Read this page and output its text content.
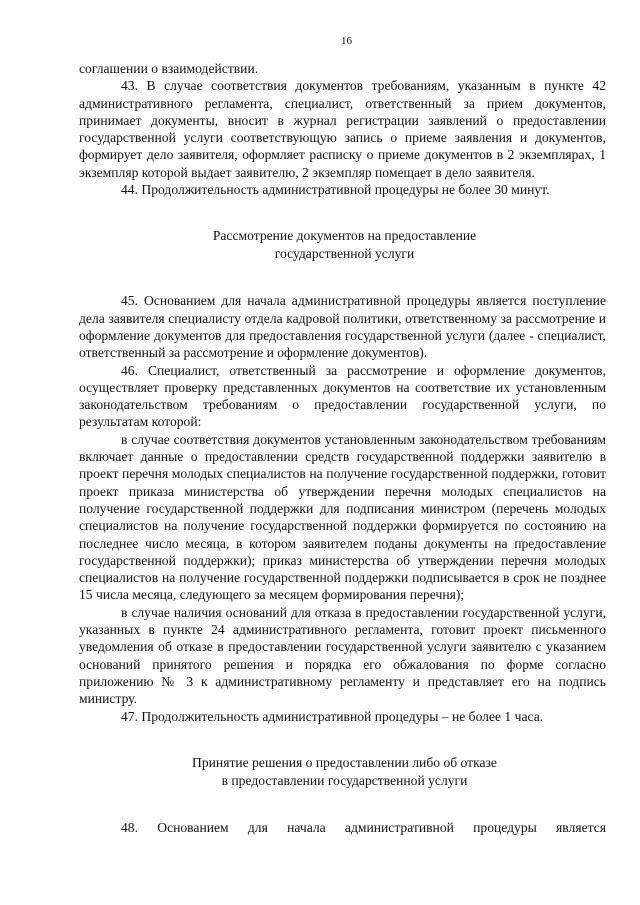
16

соглашении о взаимодействии.

43. В случае соответствия документов требованиям, указанным в пункте 42 административного регламента, специалист, ответственный за прием документов, принимает документы, вносит в журнал регистрации заявлений о предоставлении государственной услуги соответствующую запись о приеме заявления и документов, формирует дело заявителя, оформляет расписку о приеме документов в 2 экземплярах, 1 экземпляр которой выдает заявителю, 2 экземпляр помещает в дело заявителя.

44. Продолжительность административной процедуры не более 30 минут.

Рассмотрение документов на предоставление
государственной услуги

45. Основанием для начала административной процедуры является поступление дела заявителя специалисту отдела кадровой политики, ответственному за рассмотрение и оформление документов для предоставления государственной услуги (далее - специалист, ответственный за рассмотрение и оформление документов).

46. Специалист, ответственный за рассмотрение и оформление документов, осуществляет проверку представленных документов на соответствие их установленным законодательством требованиям о предоставлении государственной услуги, по результатам которой:

в случае соответствия документов установленным законодательством требованиям включает данные о предоставлении средств государственной поддержки заявителю в проект перечня молодых специалистов на получение государственной поддержки, готовит проект приказа министерства об утверждении перечня молодых специалистов на получение государственной поддержки для подписания министром (перечень молодых специалистов на получение государственной поддержки формируется по состоянию на последнее число месяца, в котором заявителем поданы документы на предоставление государственной поддержки); приказ министерства об утверждении перечня молодых специалистов на получение государственной поддержки подписывается в срок не позднее 15 числа месяца, следующего за месяцем формирования перечня);

в случае наличия оснований для отказа в предоставлении государственной услуги, указанных в пункте 24 административного регламента, готовит проект письменного уведомления об отказе в предоставлении государственной услуги заявителю с указанием оснований принятого решения и порядка его обжалования по форме согласно приложению № 3 к административному регламенту и представляет его на подпись министру.

47. Продолжительность административной процедуры – не более 1 часа.

Принятие решения о предоставлении либо об отказе
в предоставлении государственной услуги

48. Основанием для начала административной процедуры является
